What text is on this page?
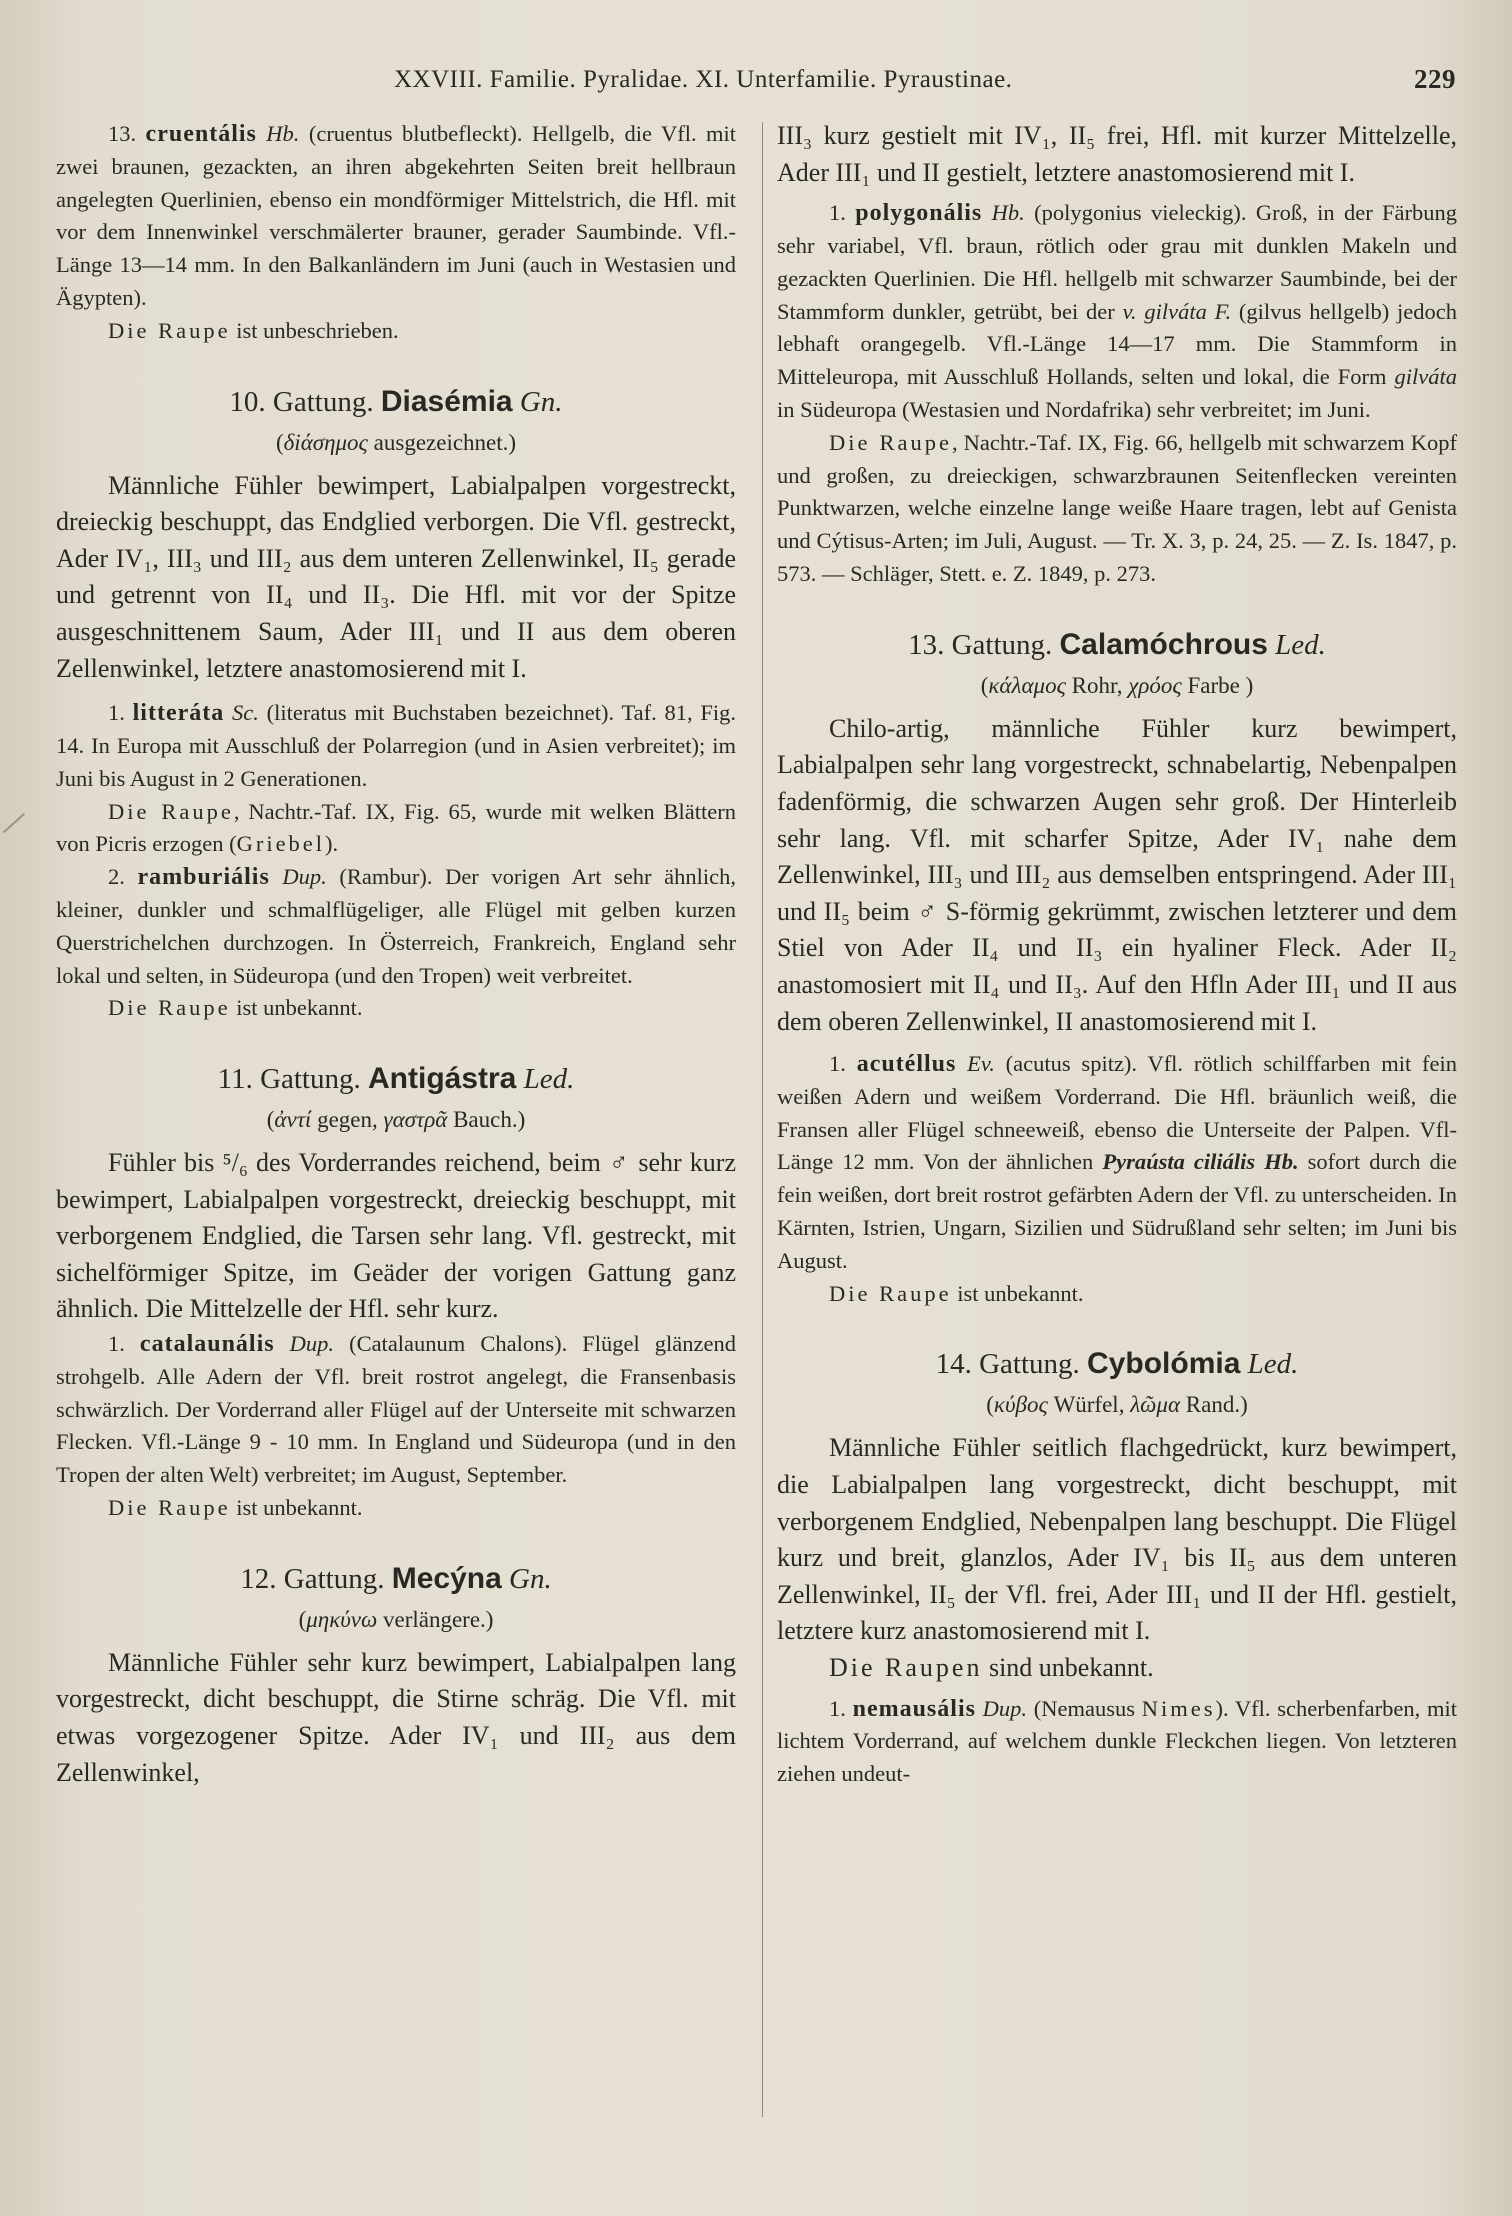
XXVIII. Familie. Pyralidae. XI. Unterfamilie. Pyraustinae.	229

13. cruentális Hb. (cruentus blutbefleckt). Hellgelb, die Vfl. mit zwei braunen, gezackten, an ihren abgekehrten Seiten breit hellbraun angelegten Querlinien, ebenso ein mondförmiger Mittelstrich, die Hfl. mit vor dem Innenwinkel verschmälerter brauner, gerader Saumbinde. Vfl.-Länge 13—14 mm. In den Balkanländern im Juni (auch in Westasien und Ägypten).

Die Raupe ist unbeschrieben.

10. Gattung. Diasémia Gn.

(δiάσημος ausgezeichnet.)

Männliche Fühler bewimpert, Labialpalpen vorgestreckt, dreieckig beschuppt, das Endglied verborgen. Die Vfl. gestreckt, Ader IV₁, III₃ und III₂ aus dem unteren Zellenwinkel, II₅ gerade und getrennt von II₄ und II₃. Die Hfl. mit vor der Spitze ausgeschnittenem Saum, Ader III₁ und II aus dem oberen Zellenwinkel, letztere anastomosierend mit I.

1. litteráta Sc. (literatus mit Buchstaben bezeichnet). Taf. 81, Fig. 14. In Europa mit Ausschluß der Polarregion (und in Asien verbreitet); im Juni bis August in 2 Generationen.

Die Raupe, Nachtr.-Taf. IX, Fig. 65, wurde mit welken Blättern von Picris erzogen (Griebel).

2. ramburiális Dup. (Rambur). Der vorigen Art sehr ähnlich, kleiner, dunkler und schmalflügeliger, alle Flügel mit gelben kurzen Querstrichelchen durchzogen. In Österreich, Frankreich, England sehr lokal und selten, in Südeuropa (und den Tropen) weit verbreitet.

Die Raupe ist unbekannt.

11. Gattung. Antigástra Led.

(ἀντί gegen, γαστρᾶ Bauch.)

Fühler bis ⁵/₆ des Vorderrandes reichend, beim ♂ sehr kurz bewimpert, Labialpalpen vorgestreckt, dreieckig beschuppt, mit verborgenem Endglied, die Tarsen sehr lang. Vfl. gestreckt, mit sichelförmiger Spitze, im Geäder der vorigen Gattung ganz ähnlich. Die Mittelzelle der Hfl. sehr kurz.

1. catalaunális Dup. (Catalaunum Chalons). Flügel glänzend strohgelb. Alle Adern der Vfl. breit rostrot angelegt, die Fransenbasis schwärzlich. Der Vorderrand aller Flügel auf der Unterseite mit schwarzen Flecken. Vfl.-Länge 9 - 10 mm. In England und Südeuropa (und in den Tropen der alten Welt) verbreitet; im August, September.

Die Raupe ist unbekannt.

12. Gattung. Mecýna Gn.

(μηκύνω verlängere.)

Männliche Fühler sehr kurz bewimpert, Labialpalpen lang vorgestreckt, dicht beschuppt, die Stirne schräg. Die Vfl. mit etwas vorgezogener Spitze. Ader IV₁ und III₂ aus dem Zellenwinkel,

III₃ kurz gestielt mit IV₁, II₅ frei, Hfl. mit kurzer Mittelzelle, Ader III₁ und II gestielt, letztere anastomosierend mit I.

1. polygonális Hb. (polygonius vieleckig). Groß, in der Färbung sehr variabel, Vfl. braun, rötlich oder grau mit dunklen Makeln und gezackten Querlinien. Die Hfl. hellgelb mit schwarzer Saumbinde, bei der Stammform dunkler, getrübt, bei der v. gilváta F. (gilvus hellgelb) jedoch lebhaft orangegelb. Vfl.-Länge 14—17 mm. Die Stammform in Mitteleuropa, mit Ausschluß Hollands, selten und lokal, die Form gilváta in Südeuropa (Westasien und Nordafrika) sehr verbreitet; im Juni.

Die Raupe, Nachtr.-Taf. IX, Fig. 66, hellgelb mit schwarzem Kopf und großen, zu dreieckigen, schwarzbraunen Seitenflecken vereinten Punktwarzen, welche einzelne lange weiße Haare tragen, lebt auf Genista und Cýtisus-Arten; im Juli, August. — Tr. X. 3, p. 24, 25. — Z. Is. 1847, p. 573. — Schläger, Stett. e. Z. 1849, p. 273.

13. Gattung. Calamóchrous Led.

(κάλαμος Rohr, χρόος Farbe )

Chilo-artig, männliche Fühler kurz bewimpert, Labialpalpen sehr lang vorgestreckt, schnabelartig, Nebenpalpen fadenförmig, die schwarzen Augen sehr groß. Der Hinterleib sehr lang. Vfl. mit scharfer Spitze, Ader IV₁ nahe dem Zellenwinkel, III₃ und III₂ aus demselben entspringend. Ader III₁ und II₅ beim ♂ S-förmig gekrümmt, zwischen letzterer und dem Stiel von Ader II₄ und II₃ ein hyaliner Fleck. Ader II₂ anastomosiert mit II₄ und II₃. Auf den Hfln Ader III₁ und II aus dem oberen Zellenwinkel, II anastomosierend mit I.

1. acutéllus Ev. (acutus spitz). Vfl. rötlich schilffarben mit fein weißen Adern und weißem Vorderrand. Die Hfl. bräunlich weiß, die Fransen aller Flügel schneeweiß, ebenso die Unterseite der Palpen. Vfl-Länge 12 mm. Von der ähnlichen Pyraústa ciliális Hb. sofort durch die fein weißen, dort breit rostrot gefärbten Adern der Vfl. zu unterscheiden. In Kärnten, Istrien, Ungarn, Sizilien und Südrußland sehr selten; im Juni bis August.

Die Raupe ist unbekannt.

14. Gattung. Cybolómia Led.

(κύβος Würfel, λῶμα Rand.)

Männliche Fühler seitlich flachgedrückt, kurz bewimpert, die Labialpalpen lang vorgestreckt, dicht beschuppt, mit verborgenem Endglied, Nebenpalpen lang beschuppt. Die Flügel kurz und breit, glanzlos, Ader IV₁ bis II₅ aus dem unteren Zellenwinkel, II₅ der Vfl. frei, Ader III₁ und II der Hfl. gestielt, letztere kurz anastomosierend mit I.

Die Raupen sind unbekannt.

1. nemausális Dup. (Nemausus Nimes). Vfl. scherbenfarben, mit lichtem Vorderrand, auf welchem dunkle Fleckchen liegen. Von letzteren ziehen undeut-
